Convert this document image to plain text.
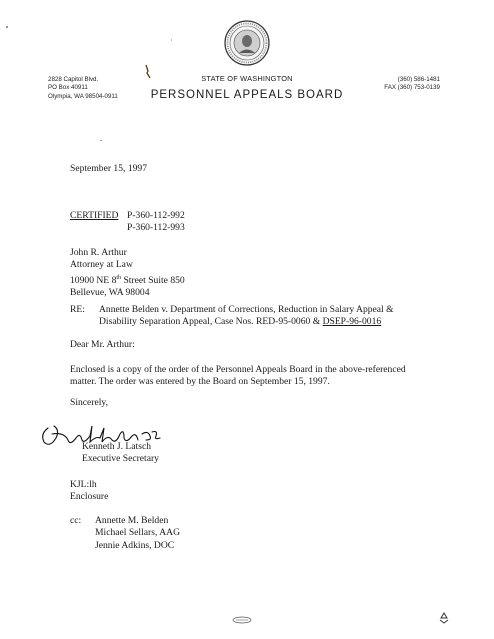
·
2828 Capitol Blvd.
PO Box 40911
Olympia, WA 98504-0911
STATE OF WASHINGTON
PERSONNEL APPEALS BOARD
(360) 586-1481
FAX (360) 753-0139
September 15, 1997
CERTIFIED P-360-112-992
P-360-112-993
John R. Arthur
Attorney at Law
10900 NE 8th Street Suite 850
Bellevue, WA 98004
RE: Annette Belden v. Department of Corrections, Reduction in Salary Appeal & Disability Separation Appeal, Case Nos. RED-95-0060 & DSEP-96-0016
Dear Mr. Arthur:
Enclosed is a copy of the order of the Personnel Appeals Board in the above-referenced matter. The order was entered by the Board on September 15, 1997.
Sincerely,
Kenneth J. Latsch
Executive Secretary
KJL:lh
Enclosure
cc: Annette M. Belden
Michael Sellars, AAG
Jennie Adkins, DOC
